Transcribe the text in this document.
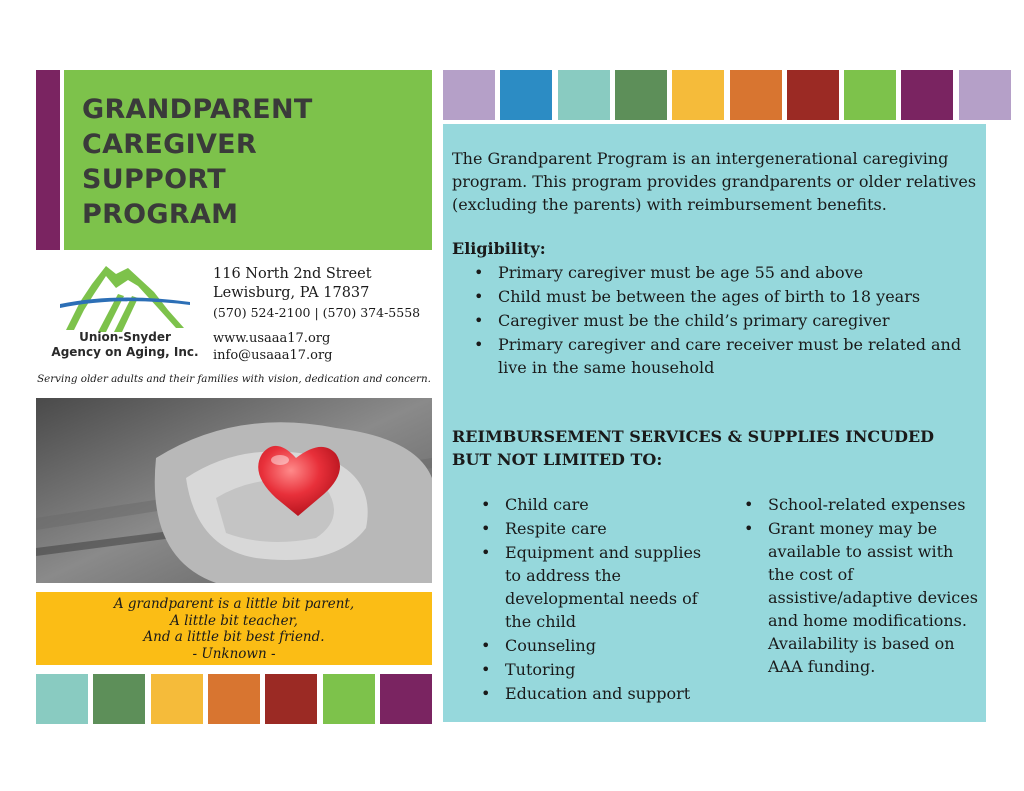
GRANDPARENT
CAREGIVER
SUPPORT
PROGRAM
Union-Snyder
Agency on Aging, Inc.
116 North 2nd Street
Lewisburg, PA 17837
(570) 524-2100 | (570) 374-5558
www.usaaa17.org
info@usaaa17.org
Serving older adults and their families with vision, dedication and concern.
A grandparent is a little bit parent,
A little bit teacher,
And a little bit best friend.
- Unknown -
The Grandparent Program is an intergenerational caregiving program. This program provides grandparents or older relatives (excluding the parents) with reimbursement benefits.
Eligibility:
• Primary caregiver must be age 55 and above
• Child must be between the ages of birth to 18 years
• Caregiver must be the child’s primary caregiver
• Primary caregiver and care receiver must be related and live in the same household
REIMBURSEMENT SERVICES & SUPPLIES INCUDED BUT NOT LIMITED TO:
• Child care
• Respite care
• Equipment and supplies to address the developmental needs of the child
• Counseling
• Tutoring
• Education and support
• School-related expenses
• Grant money may be available to assist with the cost of assistive/adaptive devices and home modifications. Availability is based on AAA funding.
